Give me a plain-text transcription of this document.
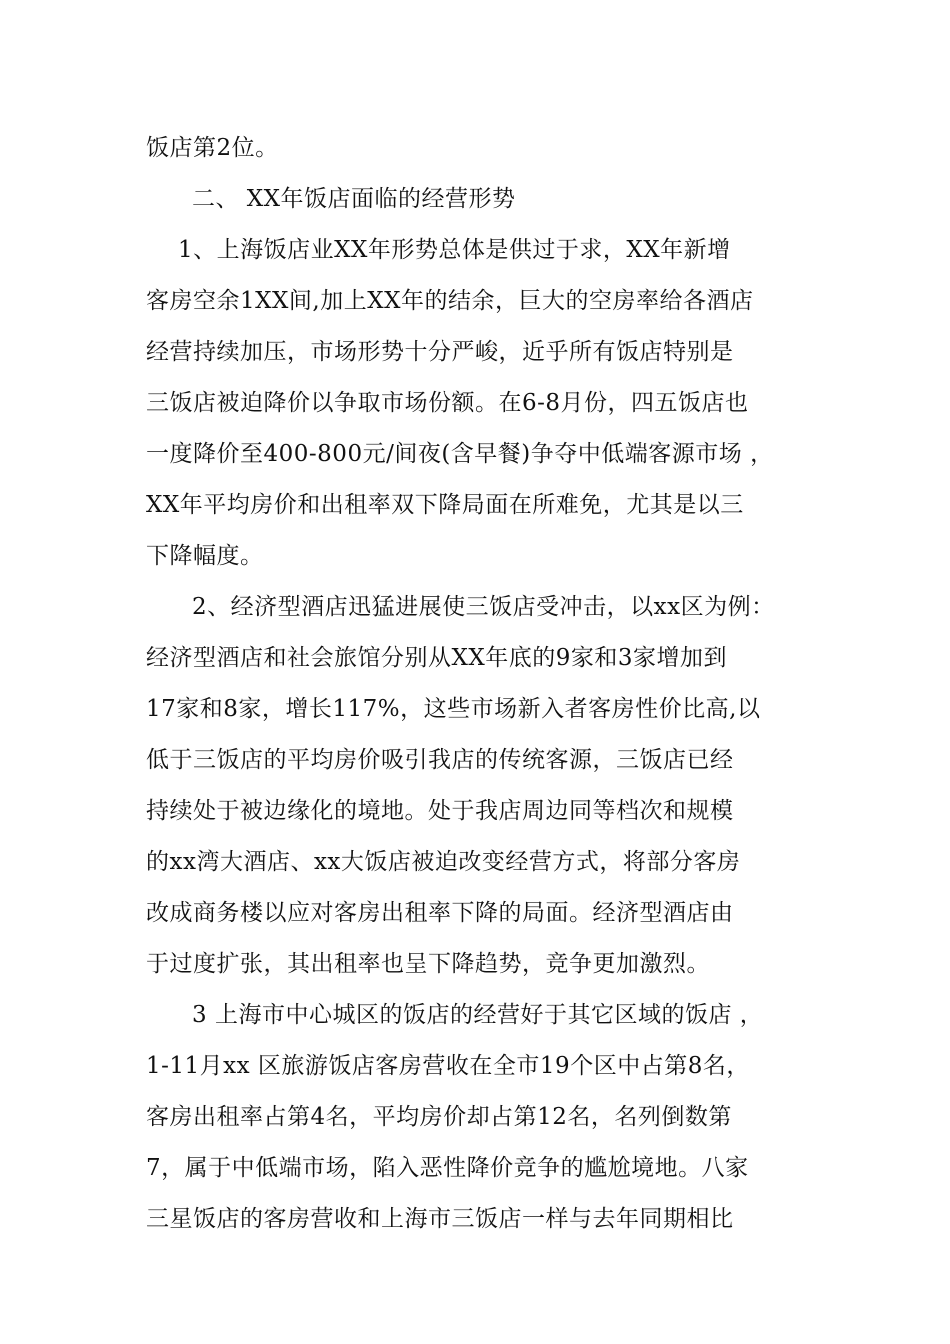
饭店第2位。
二、 XX年饭店面临的经营形势
1、上海饭店业XX年形势总体是供过于求，XX年新增
客房空余1XX间,加上XX年的结余，巨大的空房率给各酒店
经营持续加压，市场形势十分严峻，近乎所有饭店特别是
三饭店被迫降价以争取市场份额。在6-8月份，四五饭店也
一度降价至400-800元/间夜(含早餐)争夺中低端客源市场 ，
XX年平均房价和出租率双下降局面在所难免，尤其是以三
下降幅度。
2、经济型酒店迅猛进展使三饭店受冲击，以xx区为例：
经济型酒店和社会旅馆分别从XX年底的9家和3家增加到
17家和8家，增长117%，这些市场新入者客房性价比高,以
低于三饭店的平均房价吸引我店的传统客源，三饭店已经
持续处于被边缘化的境地。处于我店周边同等档次和规模
的xx湾大酒店、xx大饭店被迫改变经营方式，将部分客房
改成商务楼以应对客房出租率下降的局面。经济型酒店由
于过度扩张，其出租率也呈下降趋势，竞争更加激烈。
3 上海市中心城区的饭店的经营好于其它区域的饭店 ，
1-11月xx 区旅游饭店客房营收在全市19个区中占第8名，
客房出租率占第4名，平均房价却占第12名，名列倒数第
7，属于中低端市场，陷入恶性降价竞争的尴尬境地。八家
三星饭店的客房营收和上海市三饭店一样与去年同期相比
